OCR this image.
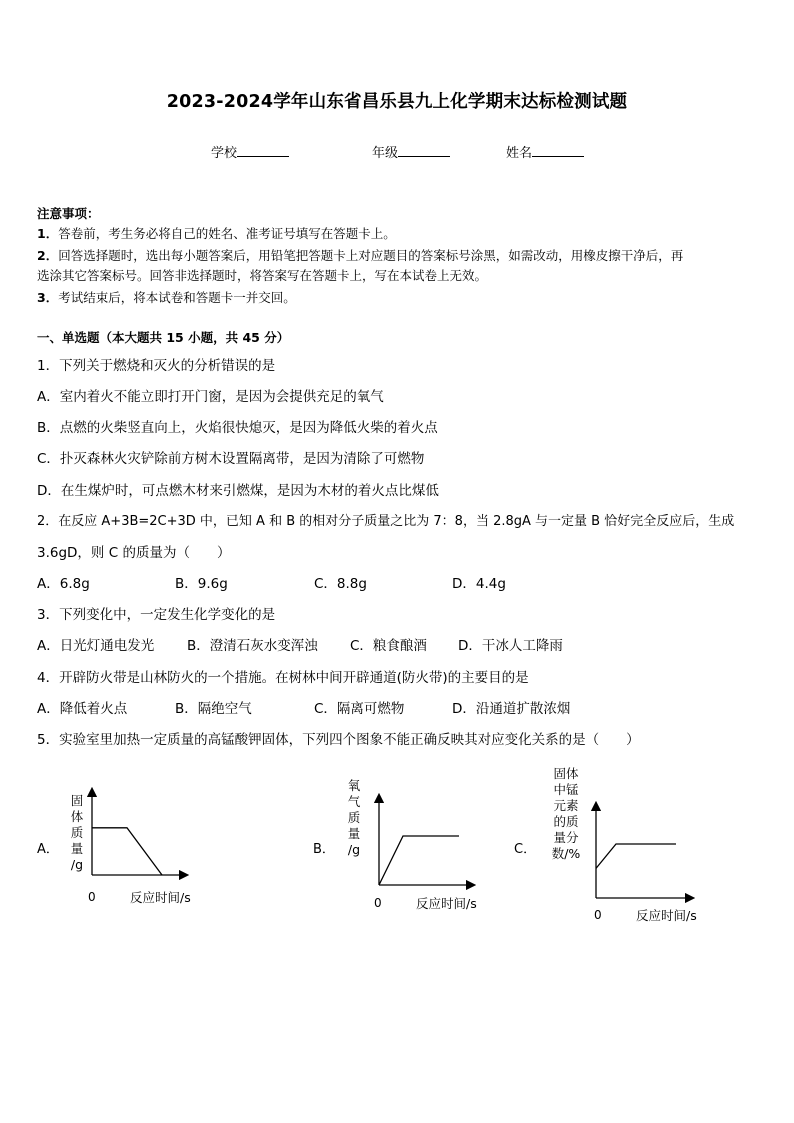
2023-2024学年山东省昌乐县九上化学期末达标检测试题
学校	年级	姓名
注意事项：
1．答卷前，考生务必将自己的姓名、准考证号填写在答题卡上。
2．回答选择题时，选出每小题答案后，用铅笔把答题卡上对应题目的答案标号涂黑，如需改动，用橡皮擦干净后，再
选涂其它答案标号。回答非选择题时，将答案写在答题卡上，写在本试卷上无效。
3．考试结束后，将本试卷和答题卡一并交回。
一、单选题（本大题共 15 小题，共 45 分）
1．下列关于燃烧和灭火的分析错误的是
A．室内着火不能立即打开门窗，是因为会提供充足的氧气
B．点燃的火柴竖直向上，火焰很快熄灭，是因为降低火柴的着火点
C．扑灭森林火灾铲除前方树木设置隔离带，是因为清除了可燃物
D．在生煤炉时，可点燃木材来引燃煤，是因为木材的着火点比煤低
2．在反应 A+3B=2C+3D 中，已知 A 和 B 的相对分子质量之比为 7：8，当 2.8gA 与一定量 B 恰好完全反应后，生成
3.6gD，则 C 的质量为（　　）
A．6.8g	B．9.6g	C．8.8g	D．4.4g
3．下列变化中，一定发生化学变化的是
A．日光灯通电发光 B．澄清石灰水变浑浊 C．粮食酿酒 D．干冰人工降雨
4．开辟防火带是山林防火的一个措施。在树林中间开辟通道(防火带)的主要目的是
A．降低着火点	B．隔绝空气	C．隔离可燃物	D．沿通道扩散浓烟
5．实验室里加热一定质量的高锰酸钾固体，下列四个图象不能正确反映其对应变化关系的是（　　）
A．
固
体
质
量
/g
0	反应时间/s
B．
氧
气
质
量
/g
0	反应时间/s
C．
固体
中锰
元素
的质
量分
数/%
0	反应时间/s
